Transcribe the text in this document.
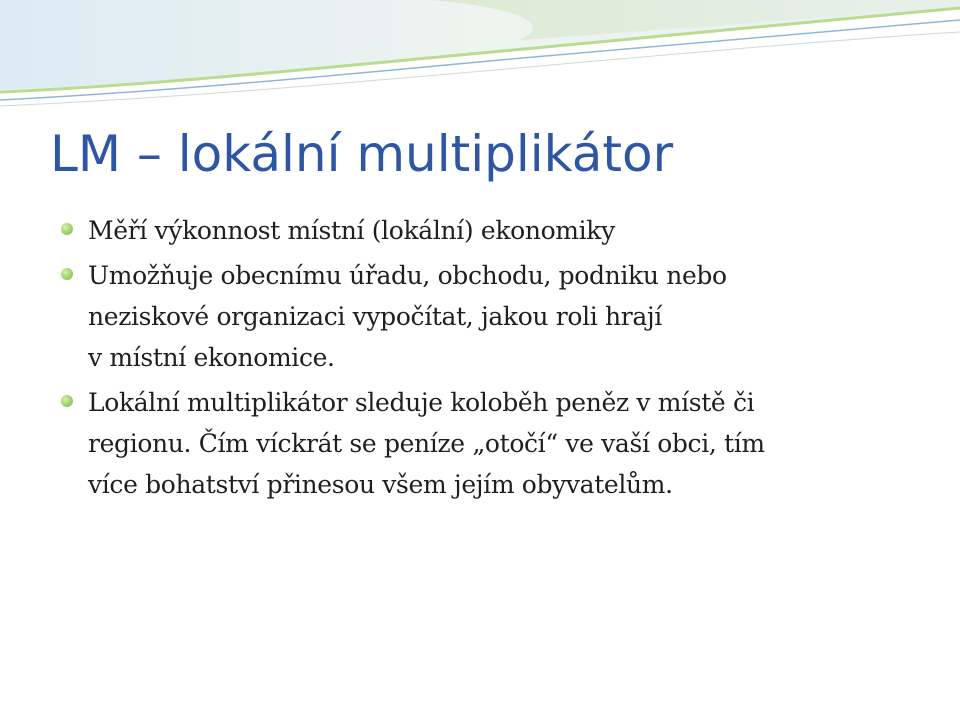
LM – lokální multiplikátor
Měří výkonnost místní (lokální) ekonomiky
Umožňuje obecnímu úřadu, obchodu, podniku nebo
neziskové organizaci vypočítat, jakou roli hrají
v místní ekonomice.
Lokální multiplikátor sleduje koloběh peněz v místě či
regionu. Čím víckrát se peníze „otočí“ ve vaší obci, tím
více bohatství přinesou všem jejím obyvatelům.
